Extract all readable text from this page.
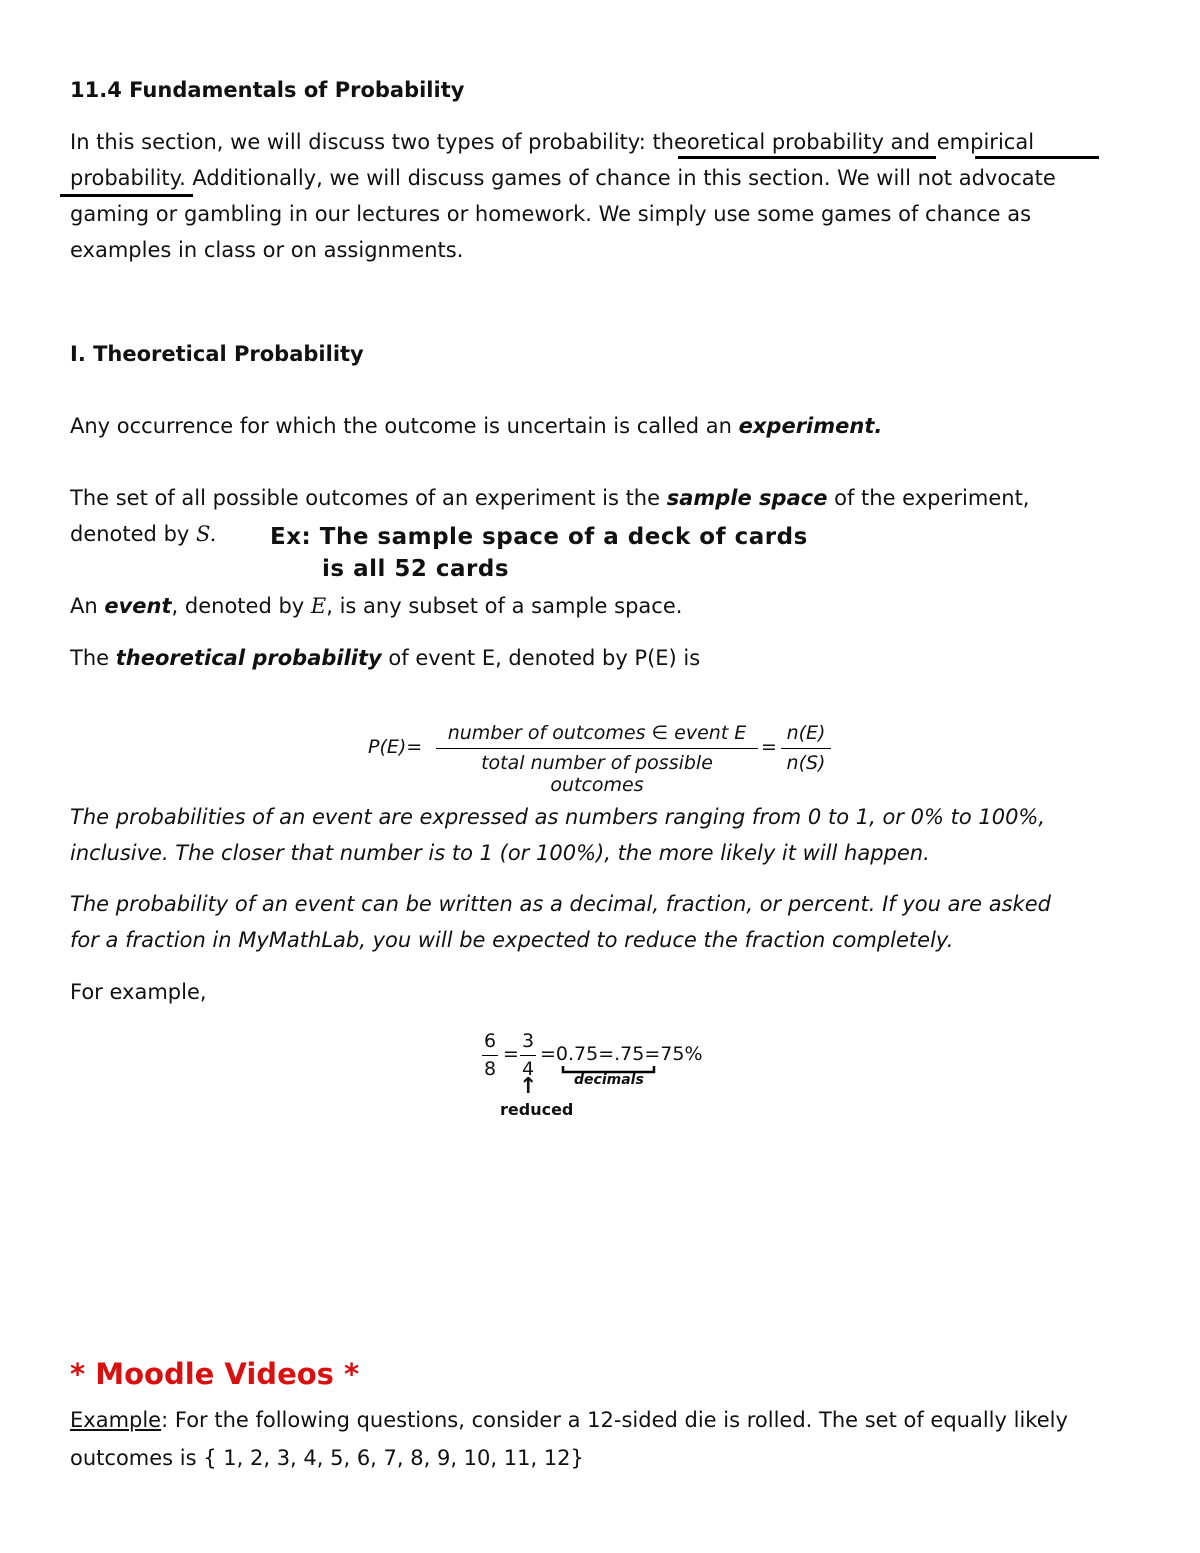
11.4 Fundamentals of Probability
In this section, we will discuss two types of probability: theoretical probability and empirical
probability. Additionally, we will discuss games of chance in this section. We will not advocate
gaming or gambling in our lectures or homework. We simply use some games of chance as
examples in class or on assignments.
I. Theoretical Probability
Any occurrence for which the outcome is uncertain is called an experiment.
The set of all possible outcomes of an experiment is the sample space of the experiment,
denoted by S. Ex: The sample space of a deck of cards
is all 52 cards
An event, denoted by E, is any subset of a sample space.
The theoretical probability of event E, denoted by P(E) is
P(E)=
number of outcomes ∈ event E
total number of possible outcomes
=
n(E)
n(S)
The probabilities of an event are expressed as numbers ranging from 0 to 1, or 0% to 100%,
inclusive. The closer that number is to 1 (or 100%), the more likely it will happen.
The probability of an event can be written as a decimal, fraction, or percent. If you are asked
for a fraction in MyMathLab, you will be expected to reduce the fraction completely.
For example,
6
8
=
3
4
=0.75=.75=75%
decimals
↑
reduced
* Moodle Videos *
Example: For the following questions, consider a 12-sided die is rolled. The set of equally likely
outcomes is { 1, 2, 3, 4, 5, 6, 7, 8, 9, 10, 11, 12}
